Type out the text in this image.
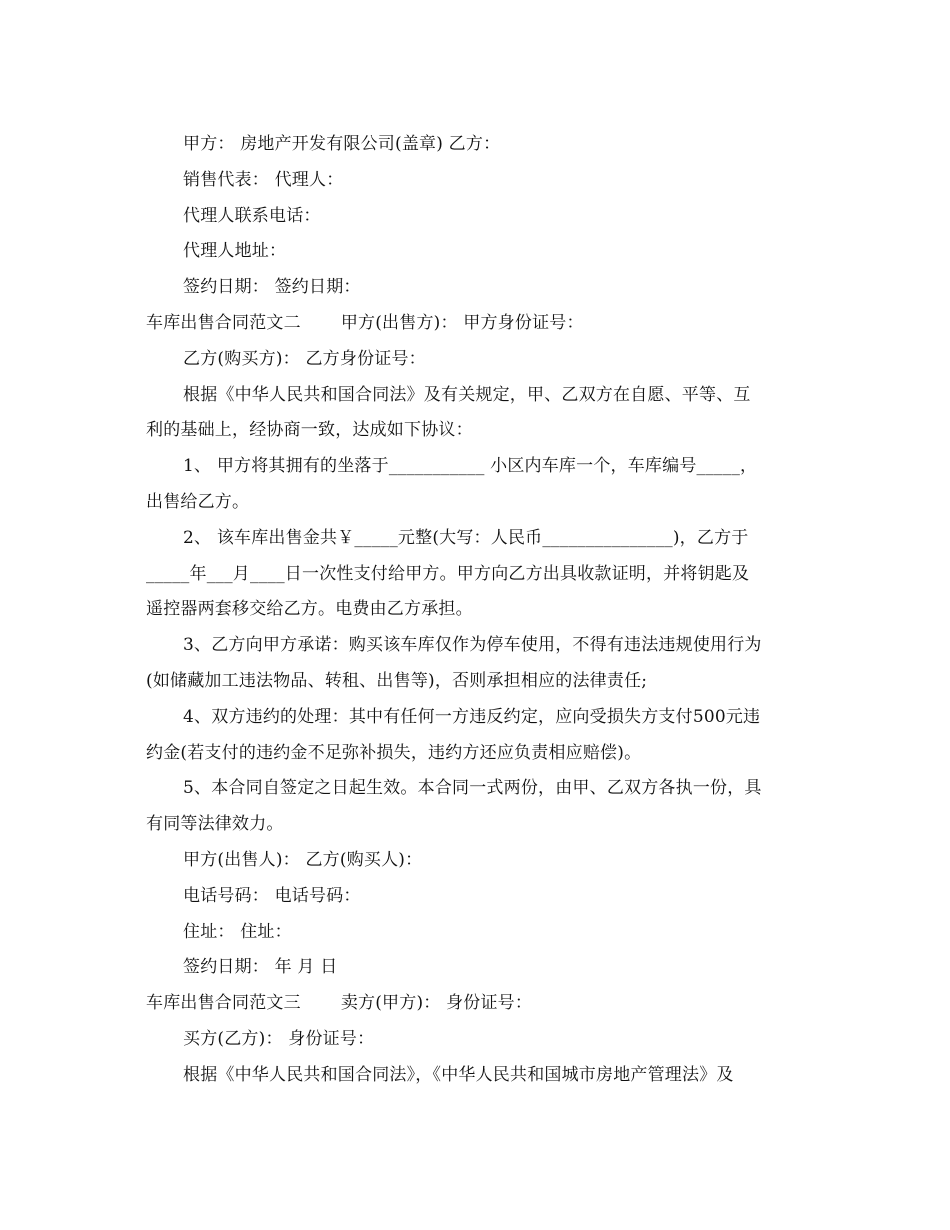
甲方： 房地产开发有限公司(盖章) 乙方：
销售代表： 代理人：
代理人联系电话：
代理人地址：
签约日期： 签约日期：
车库出售合同范文二 甲方(出售方)： 甲方身份证号：
乙方(购买方)： 乙方身份证号：
根据《中华人民共和国合同法》及有关规定，甲、乙双方在自愿、平等、互
利的基础上，经协商一致，达成如下协议：
1、 甲方将其拥有的坐落于___________ 小区内车库一个，车库编号_____，
出售给乙方。
2、 该车库出售金共￥_____元整(大写：人民币_______________)，乙方于
_____年___月____日一次性支付给甲方。甲方向乙方出具收款证明，并将钥匙及
遥控器两套移交给乙方。电费由乙方承担。
3、乙方向甲方承诺：购买该车库仅作为停车使用，不得有违法违规使用行为
(如储藏加工违法物品、转租、出售等)，否则承担相应的法律责任;
4、双方违约的处理：其中有任何一方违反约定，应向受损失方支付500元违
约金(若支付的违约金不足弥补损失，违约方还应负责相应赔偿)。
5、本合同自签定之日起生效。本合同一式两份，由甲、乙双方各执一份，具
有同等法律效力。
甲方(出售人)： 乙方(购买人)：
电话号码： 电话号码：
住址： 住址：
签约日期： 年 月 日
车库出售合同范文三 卖方(甲方)： 身份证号：
买方(乙方)： 身份证号：
根据《中华人民共和国合同法》，《中华人民共和国城市房地产管理法》及
